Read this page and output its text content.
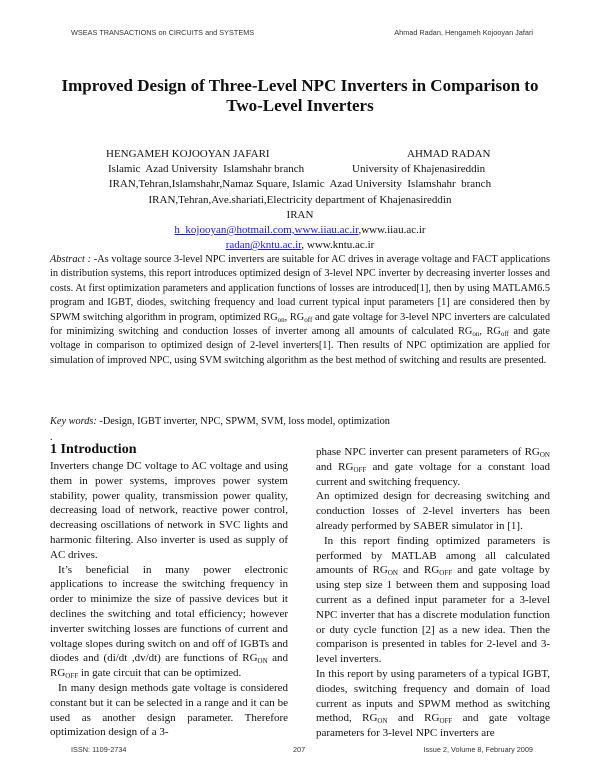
WSEAS TRANSACTIONS on CIRCUITS and SYSTEMS	Ahmad Radan, Hengameh Kojooyan Jafari
Improved Design of Three-Level NPC Inverters in Comparison to Two-Level Inverters
HENGAMEH KOJOOYAN JAFARI	AHMAD RADAN
Islamic  Azad University  Islamshahr branch	University of Khajenasireddin
IRAN,Tehran,Islamshahr,Namaz Square, Islamic  Azad University  Islamshahr  branch
IRAN,Tehran,Ave.shariati,Electricity department of Khajenasireddin
IRAN
h_kojooyan@hotmail.com,www.iiau.ac.ir,www.iiau.ac.ir
radan@kntu.ac.ir, www.kntu.ac.ir
Abstract : -As voltage source 3-level NPC inverters are suitable for AC drives in average voltage and FACT applications in distribution systems, this report introduces optimized design of 3-level NPC inverter by decreasing inverter losses and costs. At first optimization parameters and application functions of losses are introduced[1], then by using MATLAM6.5 program and IGBT, diodes, switching frequency and load current typical input parameters [1] are considered then by SPWM switching algorithm in program, optimized $RG_{on}$, $RG_{off}$ and gate voltage for 3-level NPC inverters are calculated for minimizing switching and conduction losses of inverter among all amounts of calculated $RG_{on}$, $RG_{off}$ and gate voltage in comparison to optimized design of 2-level inverters[1]. Then results of NPC optimization are applied for simulation of improved NPC, using SVM switching algorithm as the best method of switching and results are presented.
Key words: -Design, IGBT inverter, NPC, SPWM, SVM, loss model, optimization
.
1 Introduction

Inverters change DC voltage to AC voltage and using them in power systems, improves power system stability, power quality, transmission power quality, decreasing load of network, reactive power control, decreasing oscillations of network in SVC lights and harmonic filtering. Also inverter is used as supply of AC drives.

It’s beneficial in many power electronic applications to increase the switching frequency in order to minimize the size of passive devices but it declines the switching and total efficiency; however inverter switching losses are functions of current and voltage slopes during switch on and off of IGBTs and diodes and (di/dt ,dv/dt) are functions of $RG_{ON}$ and $RG_{OFF}$ in gate circuit that can be optimized.

In many design methods gate voltage is considered constant but it can be selected in a range and it can be used as another design parameter. Therefore optimization design of a 3-

phase NPC inverter can present parameters of $RG_{ON}$ and $RG_{OFF}$ and gate voltage for a constant load current and switching frequency.

An optimized design for decreasing switching and conduction losses of 2-level inverters has been already performed by SABER simulator in [1].

In this report finding optimized parameters is performed by MATLAB among all calculated amounts of $RG_{ON}$ and $RG_{OFF}$ and gate voltage by using step size 1 between them and supposing load current as a defined input parameter for a 3-level NPC inverter that has a discrete modulation function or duty cycle function [2] as a new idea. Then the comparison is presented in tables for 2-level and 3-level inverters.

In this report by using parameters of a typical IGBT, diodes, switching frequency and domain of load current as inputs and SPWM method as switching method, $RG_{ON}$ and $RG_{OFF}$ and gate voltage parameters for 3-level NPC inverters are

ISSN: 1109-2734	207	Issue 2, Volume 8, February 2009
